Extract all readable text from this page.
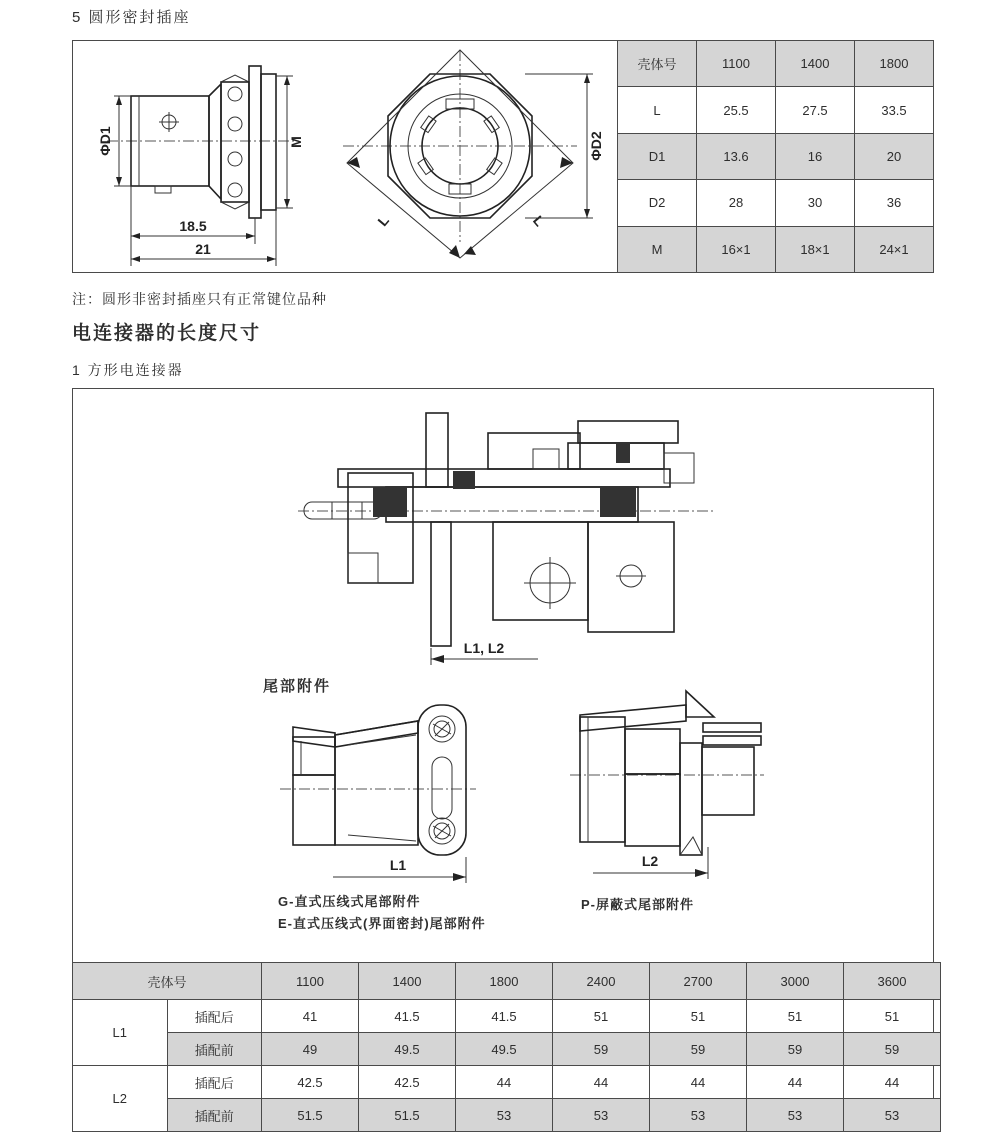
5 圆形密封插座
ΦD1	M
18.5
21
L	L
ΦD2
壳体号	1100	1400	1800
L	25.5	27.5	33.5
D1	13.6	16	20
D2	28	30	36
M	16×1	18×1	24×1
注：圆形非密封插座只有正常键位品种
电连接器的长度尺寸
1 方形电连接器
L1, L2
尾部附件
L1
G-直式压线式尾部附件
E-直式压线式(界面密封)尾部附件
L2
P-屏蔽式尾部附件
壳体号		1100	1400	1800	2400	2700	3000	3600
L1	插配后	41	41.5	41.5	51	51	51	51
	插配前	49	49.5	49.5	59	59	59	59
L2	插配后	42.5	42.5	44	44	44	44	44
	插配前	51.5	51.5	53	53	53	53	53
